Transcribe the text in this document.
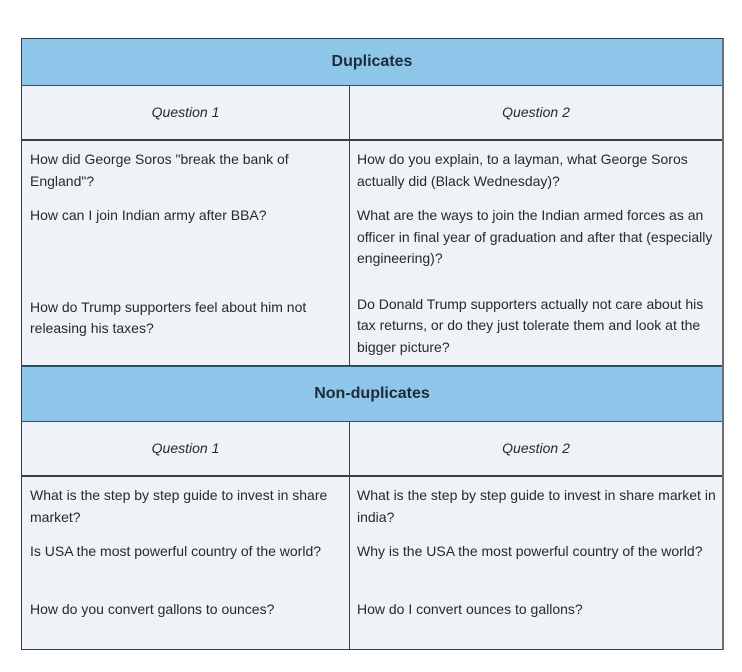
Duplicates
Question 1	Question 2
How did George Soros "break the bank of England"?
How can I join Indian army after BBA?
How do Trump supporters feel about him not releasing his taxes?
How do you explain, to a layman, what George Soros actually did (Black Wednesday)?
What are the ways to join the Indian armed forces as an officer in final year of graduation and after that (especially engineering)?
Do Donald Trump supporters actually not care about his tax returns, or do they just tolerate them and look at the bigger picture?
Non-duplicates
Question 1	Question 2
What is the step by step guide to invest in share market?
Is USA the most powerful country of the world?
How do you convert gallons to ounces?
What is the step by step guide to invest in share market in india?
Why is the USA the most powerful country of the world?
How do I convert ounces to gallons?
